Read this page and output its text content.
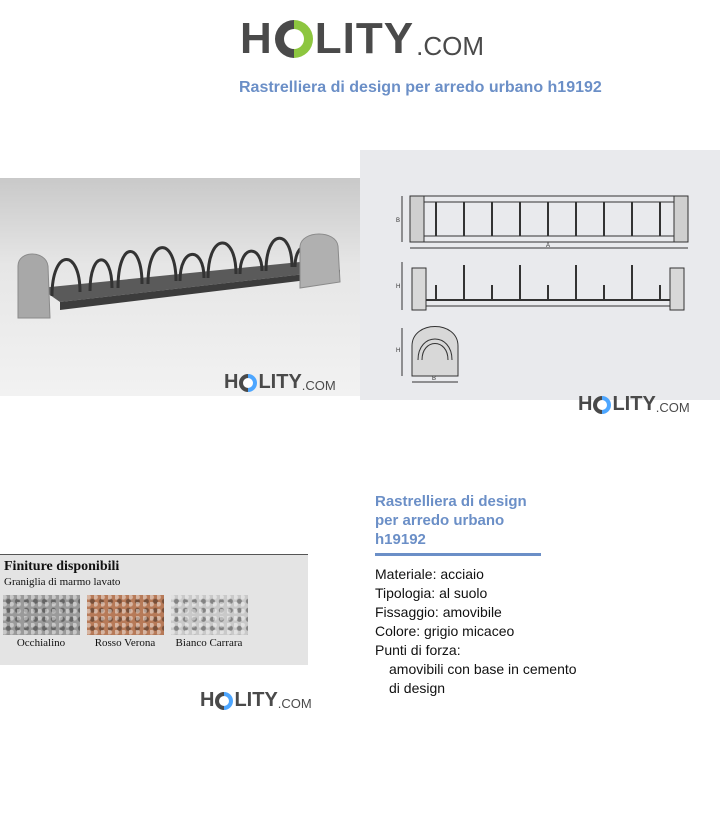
H LITY .COM
Rastrelliera di design per arredo urbano h19192
H LITY .COM
B
A
H
H
B
H LITY .COM
Finiture disponibili
Graniglia di marmo lavato
Occhialino	Rosso Verona	Bianco Carrara
H LITY .COM
Rastrelliera di design
per arredo urbano
h19192
Materiale: acciaio
Tipologia: al suolo
Fissaggio: amovibile
Colore: grigio micaceo
Punti di forza:
amovibili con base in cemento
di design
